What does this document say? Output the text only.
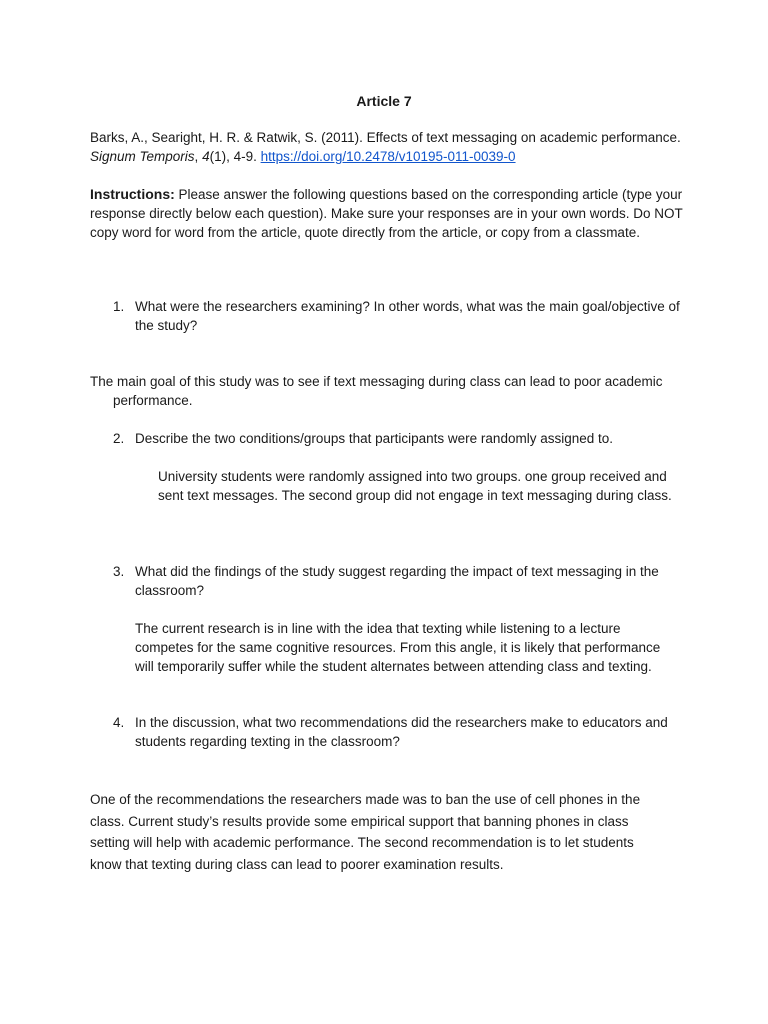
Article 7
Barks, A., Searight, H. R. & Ratwik, S. (2011). Effects of text messaging on academic performance. Signum Temporis, 4(1), 4-9. https://doi.org/10.2478/v10195-011-0039-0
Instructions: Please answer the following questions based on the corresponding article (type your response directly below each question). Make sure your responses are in your own words. Do NOT copy word for word from the article, quote directly from the article, or copy from a classmate.
1. What were the researchers examining? In other words, what was the main goal/objective of the study?
The main goal of this study was to see if text messaging during class can lead to poor academic performance.
2. Describe the two conditions/groups that participants were randomly assigned to.
University students were randomly assigned into two groups. one group received and sent text messages. The second group did not engage in text messaging during class.
3. What did the findings of the study suggest regarding the impact of text messaging in the classroom?
The current research is in line with the idea that texting while listening to a lecture competes for the same cognitive resources. From this angle, it is likely that performance will temporarily suffer while the student alternates between attending class and texting.
4. In the discussion, what two recommendations did the researchers make to educators and students regarding texting in the classroom?
One of the recommendations the researchers made was to ban the use of cell phones in the class. Current study’s results provide some empirical support that banning phones in class setting will help with academic performance. The second recommendation is to let students know that texting during class can lead to poorer examination results.
